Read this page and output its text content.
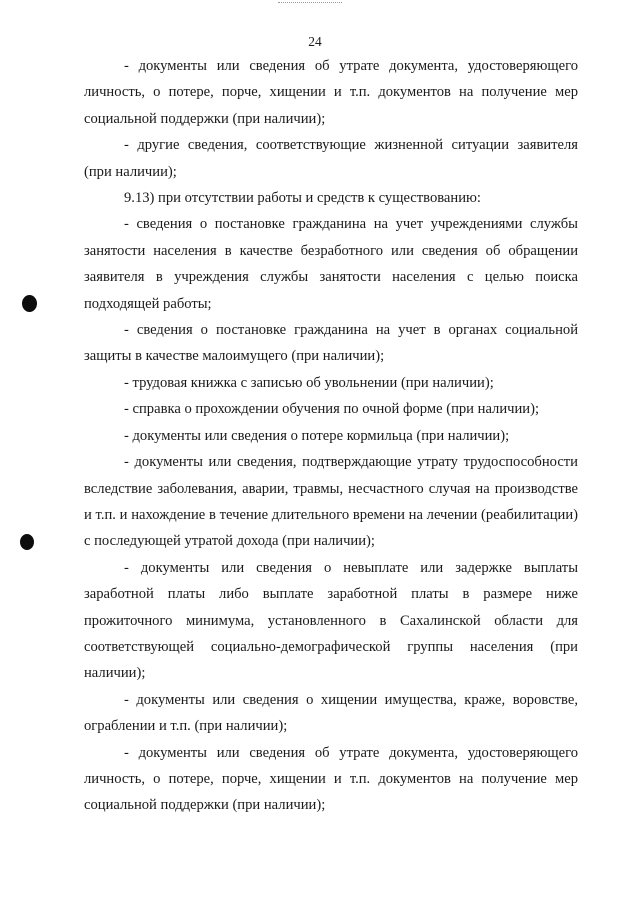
24

- документы или сведения об утрате документа, удостоверяющего личность, о потере, порче, хищении и т.п. документов на получение мер социальной поддержки (при наличии);

- другие сведения, соответствующие жизненной ситуации заявителя (при наличии);

9.13) при отсутствии работы и средств к существованию:

- сведения о постановке гражданина на учет учреждениями службы занятости населения в качестве безработного или сведения об обращении заявителя в учреждения службы занятости населения с целью поиска подходящей работы;

- сведения о постановке гражданина на учет в органах социальной защиты в качестве малоимущего (при наличии);

- трудовая книжка с записью об увольнении (при наличии);

- справка о прохождении обучения по очной форме (при наличии);

- документы или сведения о потере кормильца (при наличии);

- документы или сведения, подтверждающие утрату трудоспособности вследствие заболевания, аварии, травмы, несчастного случая на производстве и т.п. и нахождение в течение длительного времени на лечении (реабилитации) с последующей утратой дохода (при наличии);

- документы или сведения о невыплате или задержке выплаты заработной платы либо выплате заработной платы в размере ниже прожиточного минимума, установленного в Сахалинской области для соответствующей социально-демографической группы населения (при наличии);

- документы или сведения о хищении имущества, краже, воровстве, ограблении и т.п. (при наличии);

- документы или сведения об утрате документа, удостоверяющего личность, о потере, порче, хищении и т.п. документов на получение мер социальной поддержки (при наличии);
